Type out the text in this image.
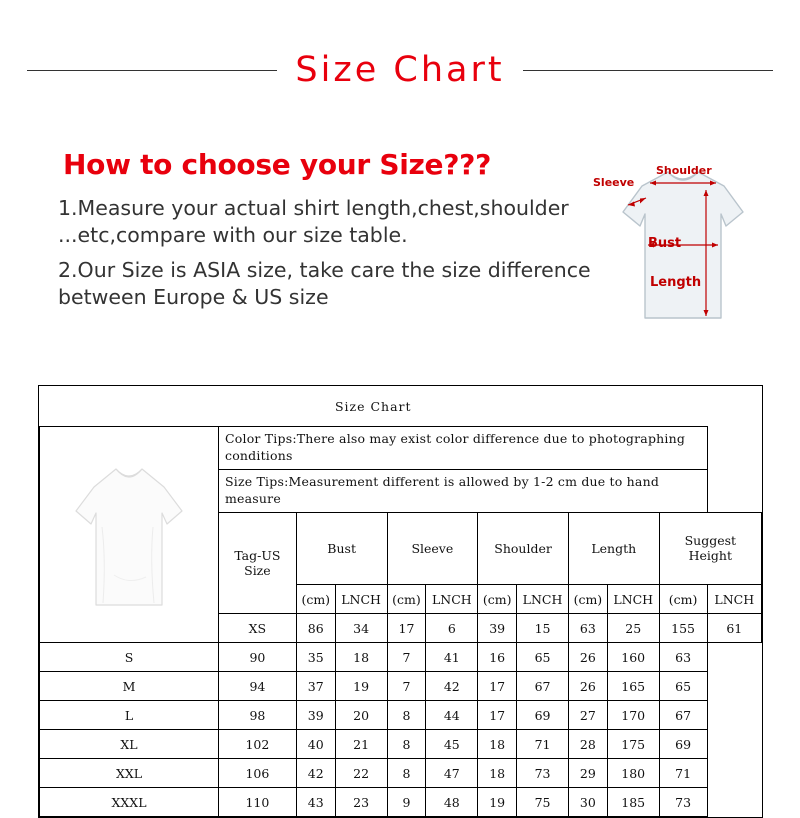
Size Chart
How to choose your Size???
1.Measure your actual shirt length,chest,shoulder
...etc,compare with our size table.
2.Our Size is ASIA size, take care the size difference
between Europe & US size
Shoulder
Sleeve
Bust
Length
Size Chart											

	Color Tips:There also may exist color difference due to photographing conditions										
	Size Tips:Measurement different is allowed by 1-2 cm due to hand measure										
	Tag-US Size	Bust		Sleeve		Shoulder		Length		Suggest Height	
		(cm)	LNCH	(cm)	LNCH	(cm)	LNCH	(cm)	LNCH	(cm)	LNCH
	XS	86	34	17	6	39	15	63	25	155	61
S	90	35	18	7	41	16	65	26	160	63	
M	94	37	19	7	42	17	67	26	165	65	
L	98	39	20	8	44	17	69	27	170	67	
XL	102	40	21	8	45	18	71	28	175	69	
XXL	106	42	22	8	47	18	73	29	180	71	
XXXL	110	43	23	9	48	19	75	30	185	73	
